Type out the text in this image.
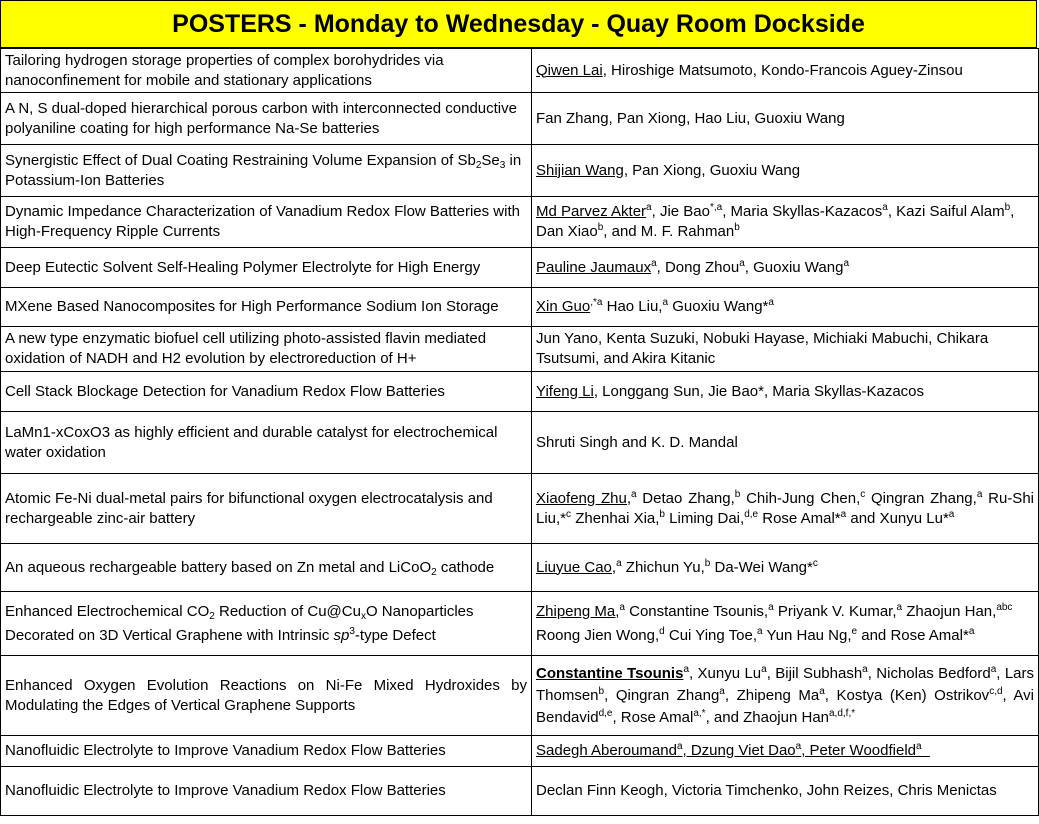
POSTERS - Monday to Wednesday - Quay Room Dockside
Tailoring hydrogen storage properties of complex borohydrides via nanoconfinement for mobile and stationary applications	Qiwen Lai, Hiroshige Matsumoto, Kondo-Francois Aguey-Zinsou
A N, S dual-doped hierarchical porous carbon with interconnected conductive polyaniline coating for high performance Na-Se batteries	Fan Zhang, Pan Xiong, Hao Liu, Guoxiu Wang
Synergistic Effect of Dual Coating Restraining Volume Expansion of $Sb_2Se_3$ in Potassium-Ion Batteries	Shijian Wang, Pan Xiong, Guoxiu Wang
Dynamic Impedance Characterization of Vanadium Redox Flow Batteries with High-Frequency Ripple Currents	Md Parvez Akter$^a$, Jie Bao$^{*,a}$, Maria Skyllas-Kazacos$^a$, Kazi Saiful Alam$^b$, Dan Xiao$^b$, and M. F. Rahman$^b$
Deep Eutectic Solvent Self-Healing Polymer Electrolyte for High Energy	Pauline Jaumaux$^a$, Dong Zhou$^a$, Guoxiu Wang$^a$
MXene Based Nanocomposites for High Performance Sodium Ion Storage	Xin Guo$^{,*a}$ Hao Liu,$^a$ Guoxiu Wang*$^a$
A new type enzymatic biofuel cell utilizing photo-assisted flavin mediated oxidation of NADH and H2 evolution by electroreduction of H+	Jun Yano, Kenta Suzuki, Nobuki Hayase, Michiaki Mabuchi, Chikara Tsutsumi, and Akira Kitanic
Cell Stack Blockage Detection for Vanadium Redox Flow Batteries	Yifeng Li, Longgang Sun, Jie Bao*, Maria Skyllas-Kazacos
LaMn1-xCoxO3 as highly efficient and durable catalyst for electrochemical water oxidation	Shruti Singh and K. D. Mandal
Atomic Fe-Ni dual-metal pairs for bifunctional oxygen electrocatalysis and rechargeable zinc-air battery	Xiaofeng Zhu,$^a$ Detao Zhang,$^b$ Chih-Jung Chen,$^c$ Qingran Zhang,$^a$ Ru-Shi Liu,*$^c$ Zhenhai Xia,$^b$ Liming Dai,$^{d,e}$ Rose Amal*$^a$ and Xunyu Lu*$^a$
An aqueous rechargeable battery based on Zn metal and LiCoO$_2$ cathode	Liuyue Cao,$^a$ Zhichun Yu,$^b$ Da-Wei Wang*$^c$
Enhanced Electrochemical $CO_2$ Reduction of $Cu@Cu_xO$ Nanoparticles Decorated on 3D Vertical Graphene with Intrinsic $sp^3$-type Defect	Zhipeng Ma,$^a$ Constantine Tsounis,$^a$ Priyank V. Kumar,$^a$ Zhaojun Han,$^{abc}$ Roong Jien Wong,$^d$ Cui Ying Toe,$^a$ Yun Hau Ng,$^e$ and Rose Amal*$^a$
Enhanced Oxygen Evolution Reactions on Ni-Fe Mixed Hydroxides by Modulating the Edges of Vertical Graphene Supports	Constantine Tsounis$^a$, Xunyu Lu$^a$, Bijil Subhash$^a$, Nicholas Bedford$^a$, Lars Thomsen$^b$, Qingran Zhang$^a$, Zhipeng Ma$^a$, Kostya (Ken) Ostrikov$^{c,d}$, Avi Bendavid$^{d,e}$, Rose Amal$^{a,*}$, and Zhaojun Han$^{a,d,f,*}$
Nanofluidic Electrolyte to Improve Vanadium Redox Flow Batteries	Sadegh Aberoumand$^a$, Dzung Viet Dao$^a$, Peter Woodfield$^a$
Nanofluidic Electrolyte to Improve Vanadium Redox Flow Batteries	Declan Finn Keogh, Victoria Timchenko, John Reizes, Chris Menictas
